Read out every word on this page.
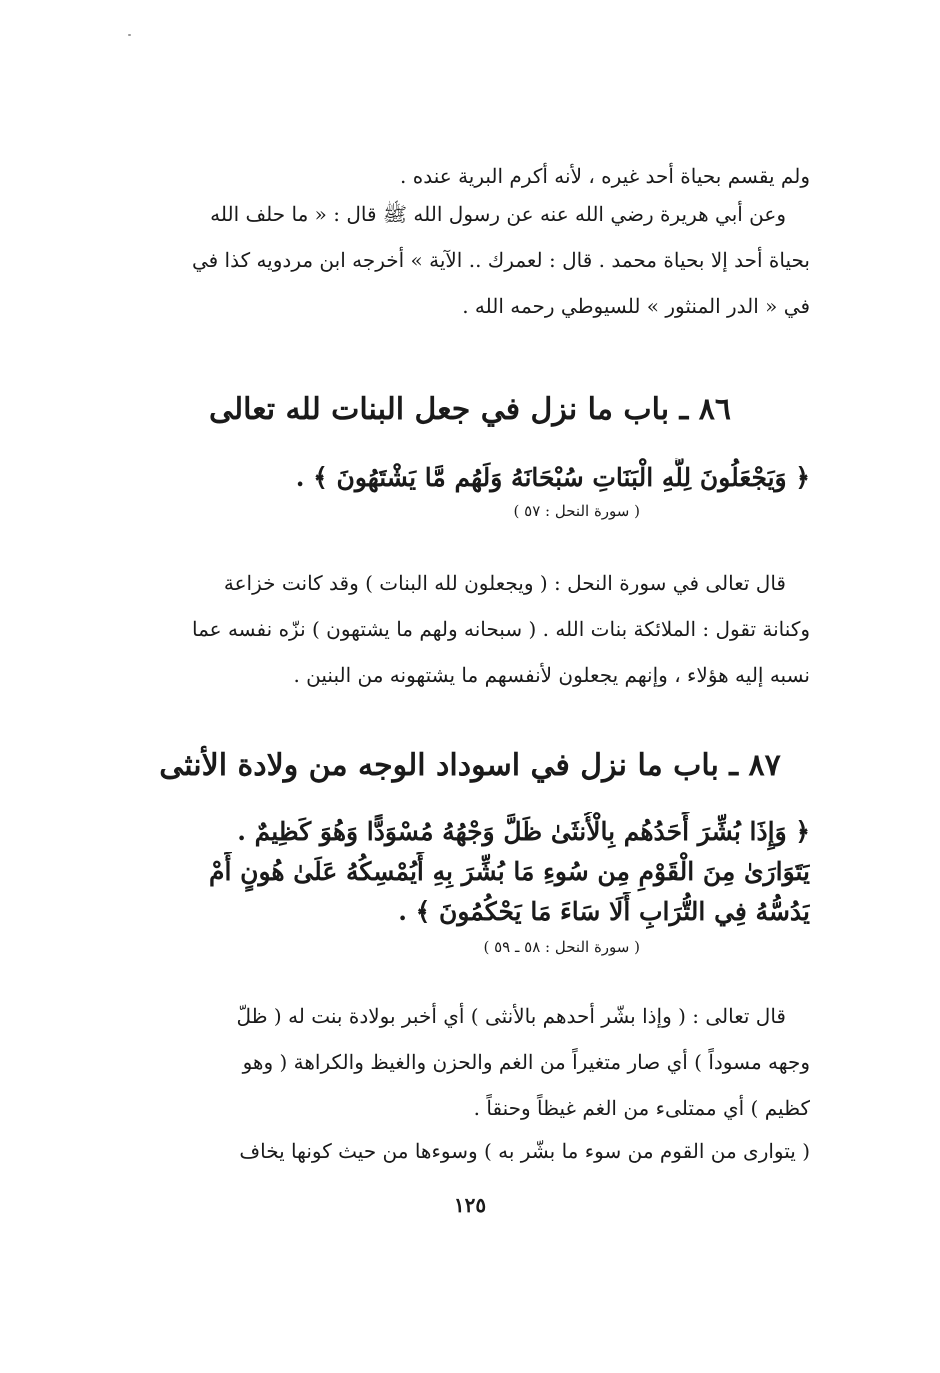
ولم يقسم بحياة أحد غيره ، لأنه أكرم البرية عنده .
وعن أبي هريرة رضي الله عنه عن رسول الله ﷺ قال : « ما حلف الله
بحياة أحد إلا بحياة محمد . قال : لعمرك .. الآية » أخرجه ابن مردويه كذا في
في « الدر المنثور » للسيوطي رحمه الله .
٨٦ ـ باب ما نزل في جعل البنات لله تعالى
﴿ وَيَجْعَلُونَ لِلَّهِ الْبَنَاتِ سُبْحَانَهُ وَلَهُم مَّا يَشْتَهُونَ ﴾ .
( سورة النحل : ٥٧ )
قال تعالى في سورة النحل : ( ويجعلون لله البنات ) وقد كانت خزاعة
وكنانة تقول : الملائكة بنات الله . ( سبحانه ولهم ما يشتهون ) نزّه نفسه عما
نسبه إليه هؤلاء ، وإنهم يجعلون لأنفسهم ما يشتهونه من البنين .
٨٧ ـ باب ما نزل في اسوداد الوجه من ولادة الأنثى
﴿ وَإِذَا بُشِّرَ أَحَدُهُم بِالْأُنثَىٰ ظَلَّ وَجْهُهُ مُسْوَدًّا وَهُوَ كَظِيمٌ .
يَتَوَارَىٰ مِنَ الْقَوْمِ مِن سُوءِ مَا بُشِّرَ بِهِ أَيُمْسِكُهُ عَلَىٰ هُونٍ أَمْ
يَدُسُّهُ فِي التُّرَابِ أَلَا سَاءَ مَا يَحْكُمُونَ ﴾ .
( سورة النحل : ٥٨ ـ ٥٩ )
قال تعالى : ( وإذا بشّر أحدهم بالأنثى ) أي أخبر بولادة بنت له ( ظلّ
وجهه مسوداً ) أي صار متغيراً من الغم والحزن والغيظ والكراهة ( وهو
كظيم ) أي ممتلىء من الغم غيظاً وحنقاً .
( يتوارى من القوم من سوء ما بشّر به ) وسوءها من حيث كونها يخاف
١٢٥
